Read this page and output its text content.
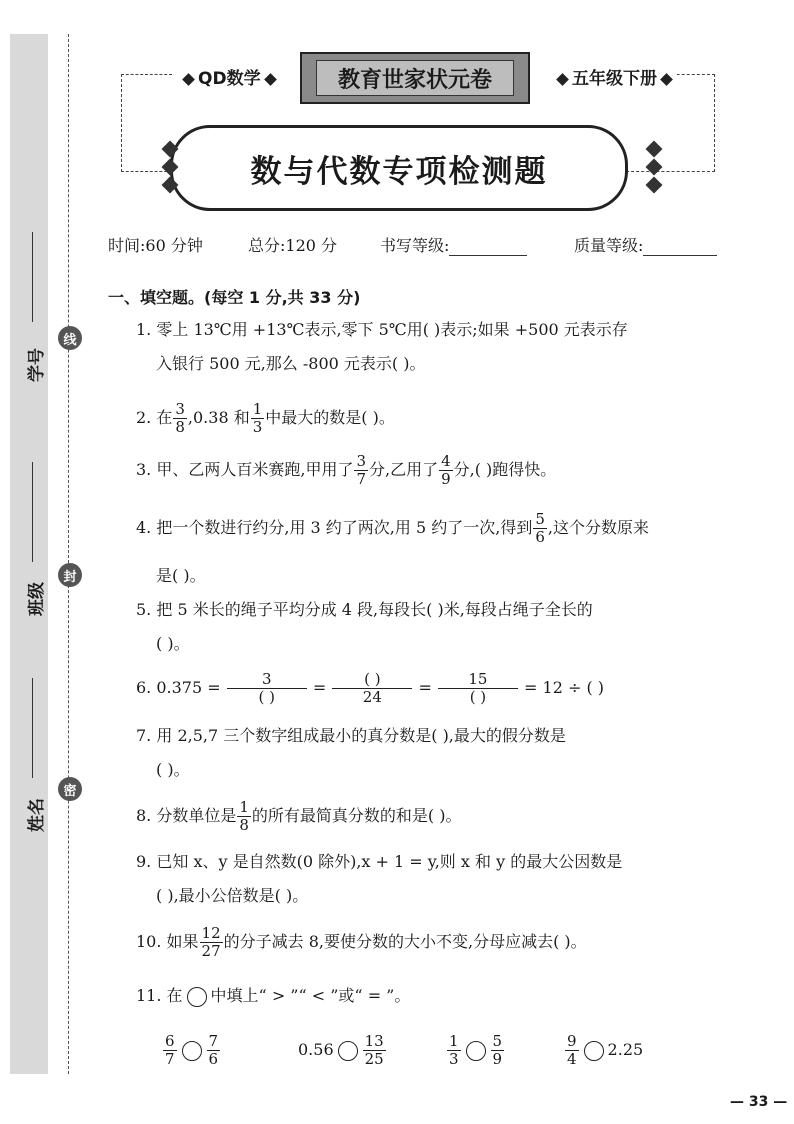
学号
班级
姓名
线
封
密
QD数学	教育世家状元卷	五年级下册
数与代数专项检测题
时间:60 分钟	总分:120 分	书写等级:	质量等级:
一、填空题。(每空 1 分,共 33 分)
1. 零上 13℃用 +13℃表示,零下 5℃用( )表示;如果 +500 元表示存
入银行 500 元,那么 -800 元表示( )。
2. 在 $\frac{3}{8} ,0.38$ 和 $\frac{1}{3}$ 中最大的数是( )。
3. 甲、乙两人百米赛跑,甲用了 $\frac{3}{7}$ 分,乙用了 $\frac{4}{9}$ 分,( )跑得快。
4. 把一个数进行约分,用 3 约了两次,用 5 约了一次,得到 $\frac{5}{6}$ ,这个分数原来
是( )。
5. 把 5 米长的绳子平均分成 4 段,每段长( )米,每段占绳子全长的
( )。
6. $0.375 = \frac{3}{( )} = \frac{( )}{24} = \frac{15}{( )} = 12$ ÷ ( )
7. 用 2,5,7 三个数字组成最小的真分数是( ),最大的假分数是
( )。
8. 分数单位是 $\frac{1}{8}$ 的所有最简真分数的和是( )。
9. 已知 x、y 是自然数(0 除外),x + 1 = y,则 x 和 y 的最大公因数是
( ),最小公倍数是( )。
10. 如果 $\frac{12}{27}$ 的分子减去 8,要使分数的大小不变,分母应减去( )。
11. 在 中填上“ > ”“ < ”或“ = ”。
$\frac{6}{7} \frac{7}{6}$	$0.56 \frac{13}{25}$	$\frac{1}{3} \frac{5}{9}$	$\frac{9}{4} 2.25$
— 33 —
